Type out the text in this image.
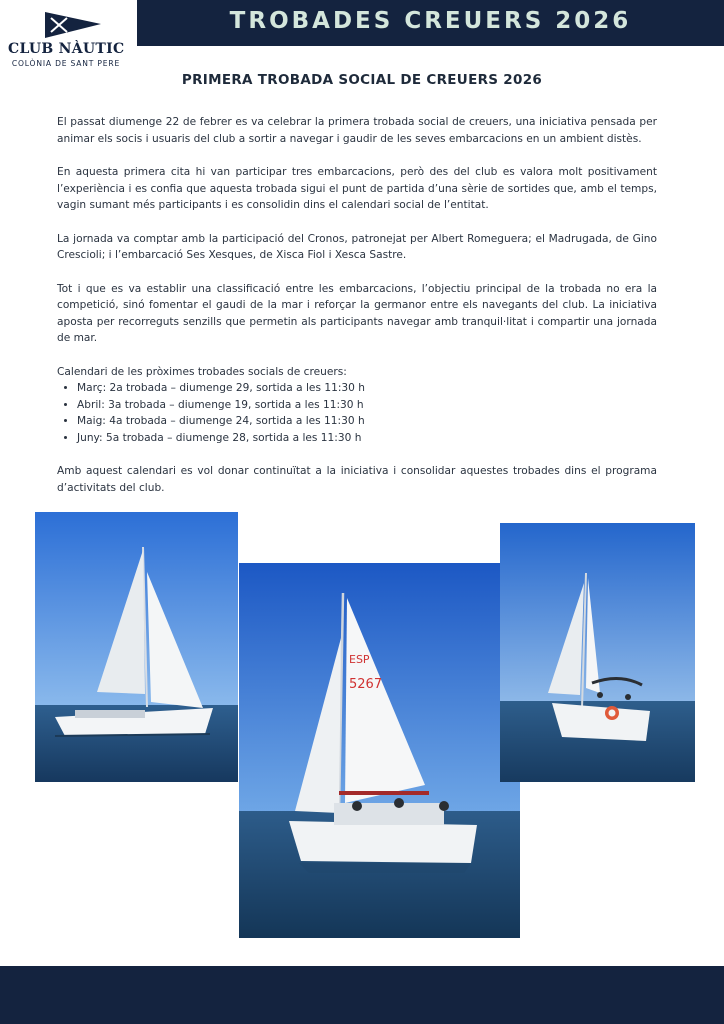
TROBADES CREUERS 2026
CLUB NÀUTIC
COLÒNIA DE SANT PERE
PRIMERA TROBADA SOCIAL DE CREUERS 2026

El passat diumenge 22 de febrer es va celebrar la primera trobada social de creuers, una iniciativa pensada per animar els socis i usuaris del club a sortir a navegar i gaudir de les seves embarcacions en un ambient distès.

En aquesta primera cita hi van participar tres embarcacions, però des del club es valora molt positivament l’experiència i es confia que aquesta trobada sigui el punt de partida d’una sèrie de sortides que, amb el temps, vagin sumant més participants i es consolidin dins el calendari social de l’entitat.

La jornada va comptar amb la participació del Cronos, patronejat per Albert Romeguera; el Madrugada, de Gino Crescioli; i l’embarcació Ses Xesques, de Xisca Fiol i Xesca Sastre.

Tot i que es va establir una classificació entre les embarcacions, l’objectiu principal de la trobada no era la competició, sinó fomentar el gaudi de la mar i reforçar la germanor entre els navegants del club. La iniciativa aposta per recorreguts senzills que permetin als participants navegar amb tranquil·litat i compartir una jornada de mar.

Calendari de les pròximes trobades socials de creuers:

• Març: 2a trobada – diumenge 29, sortida a les 11:30 h
• Abril: 3a trobada – diumenge 19, sortida a les 11:30 h
• Maig: 4a trobada – diumenge 24, sortida a les 11:30 h
• Juny: 5a trobada – diumenge 28, sortida a les 11:30 h

Amb aquest calendari es vol donar continuïtat a la iniciativa i consolidar aquestes trobades dins el programa d’activitats del club.

ESP
5267
